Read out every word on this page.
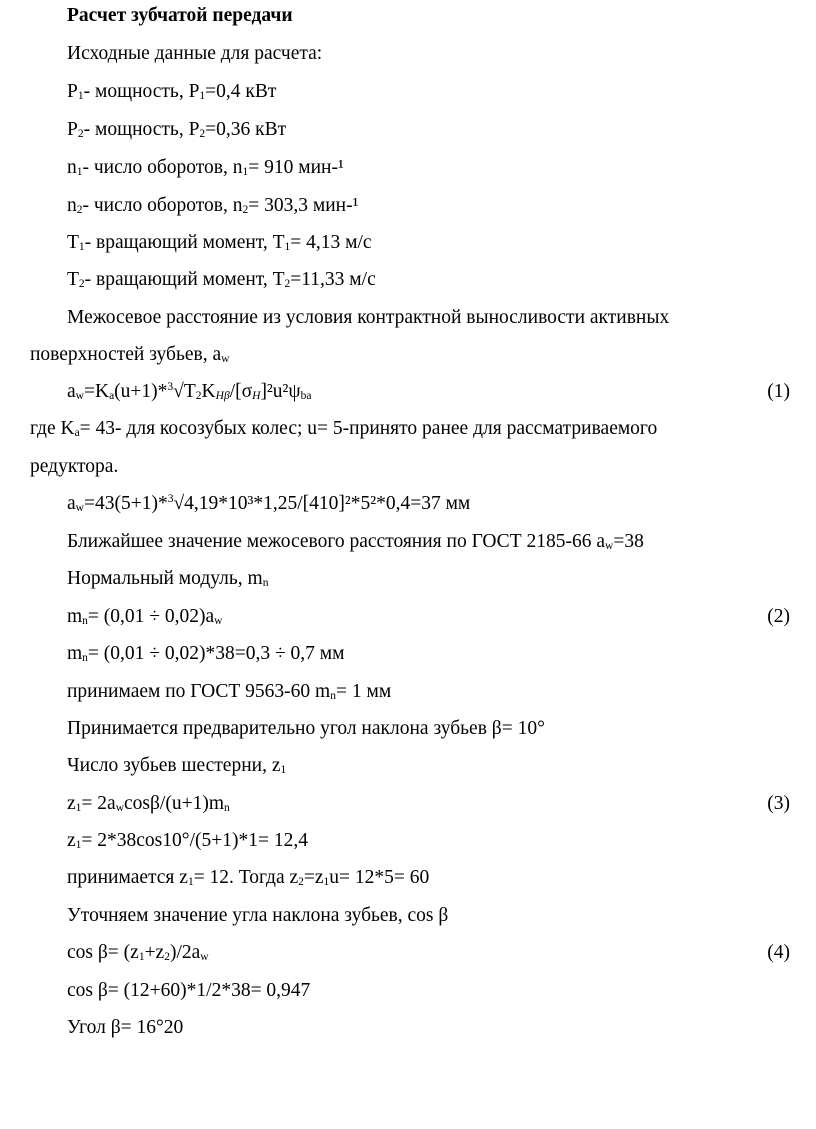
Расчет зубчатой передачи
Исходные данные для расчета:
$P_1-$ мощность, $P_1=0,4$ кВт
$P_2-$ мощность, $P_2=0,36$ кВт
$n_1-$ число оборотов, $n_1= 910$ мин-¹
$n_2-$ число оборотов, $n_2= 303,3$ мин-¹
$T_1-$ вращающий момент, $T_1= 4,13$ м/с
$T_2-$ вращающий момент, $T_2=11,33$ м/с
Межосевое расстояние из условия контрактной выносливости активных
поверхностей зубьев, $a_w$
$a_w=K_a(u+1)*^3√T_2K_{H\beta}/[\sigma_H]^2u^2\psi_{ba}$	(1)
где $K_a= 43-$ для косозубых колес; u= 5-принято ранее для рассматриваемого
редуктора.
$a_w=43(5+1)*^3√4,19*10^3*1,25/[410]^2*5^2*0,4=37$ мм
Ближайшее значение межосевого расстояния по ГОСТ 2185-66 $a_w=38$
Нормальный модуль, $m_n$
$m_n= (0,01 \div 0,02)a_w$	(2)
$m_n= (0,01 \div 0,02)*38=0,3 \div 0,7$ мм
принимаем по ГОСТ 9563-60 $m_n= 1$ мм
Принимается предварительно угол наклона зубьев β= 10°
Число зубьев шестерни, $z_1$
$z_1= 2a_w\cos\beta/(u+1)m_n$	(3)
$z_1= 2*38\cos 10^\circ/(5+1)*1= 12,4$
принимается $z_1= 12$. Тогда $z_2=z_1u= 12*5= 60$
Уточняем значение угла наклона зубьев, cos β
$\cos \beta= (z_1+z_2)/2a_w$	(4)
cos β= (12+60)*1/2*38= 0,947
Угол β= 16°20
